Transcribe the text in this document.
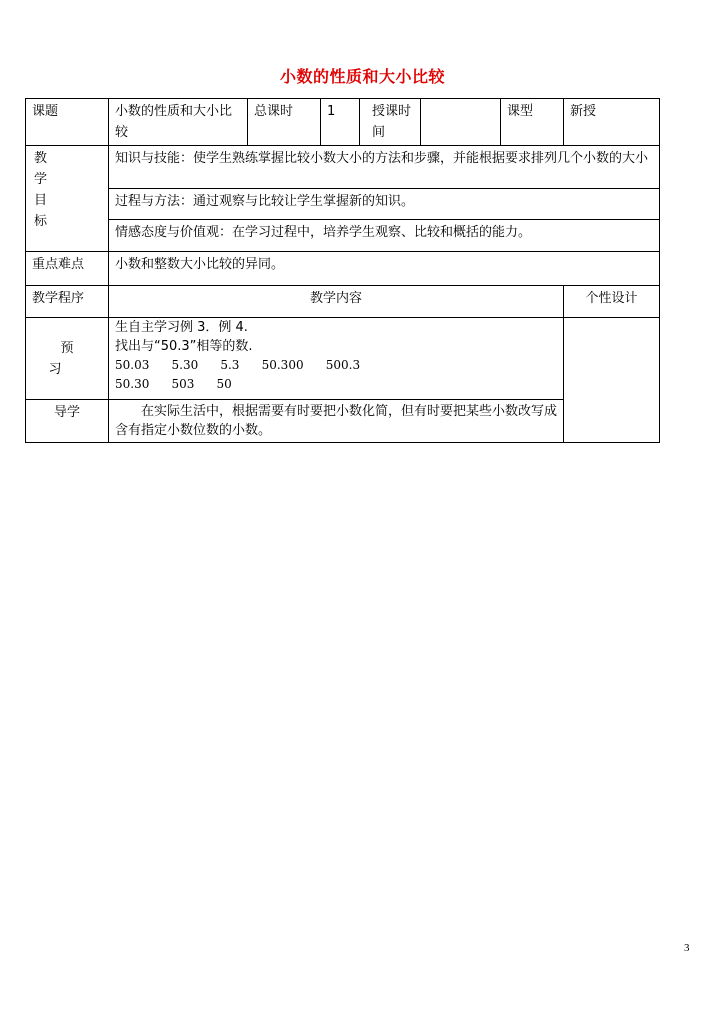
小数的性质和大小比较
课题	小数的性质和大小比较	总课时	1	授课时间		课型	新授

教
学
目
标	知识与技能：使学生熟练掌握比较小数大小的方法和步骤，并能根据要求排列几个小数的大小						
	过程与方法：通过观察与比较让学生掌握新的知识。						
	情感态度与价值观：在学习过程中，培养学生观察、比较和概括的能力。						
重点难点	小数和整数大小比较的异同。						
教学程序	教学内容						个性设计

预
习	生自主学习例 3．例 4.
找出与“50.3”相等的数.
50.03 5.30 5.3 50.300 500.3
50.30 503 50						

导学	在实际生活中，根据需要有时要把小数化简，但有时要把某些小数改写成含有指定小数位数的小数。						
3
